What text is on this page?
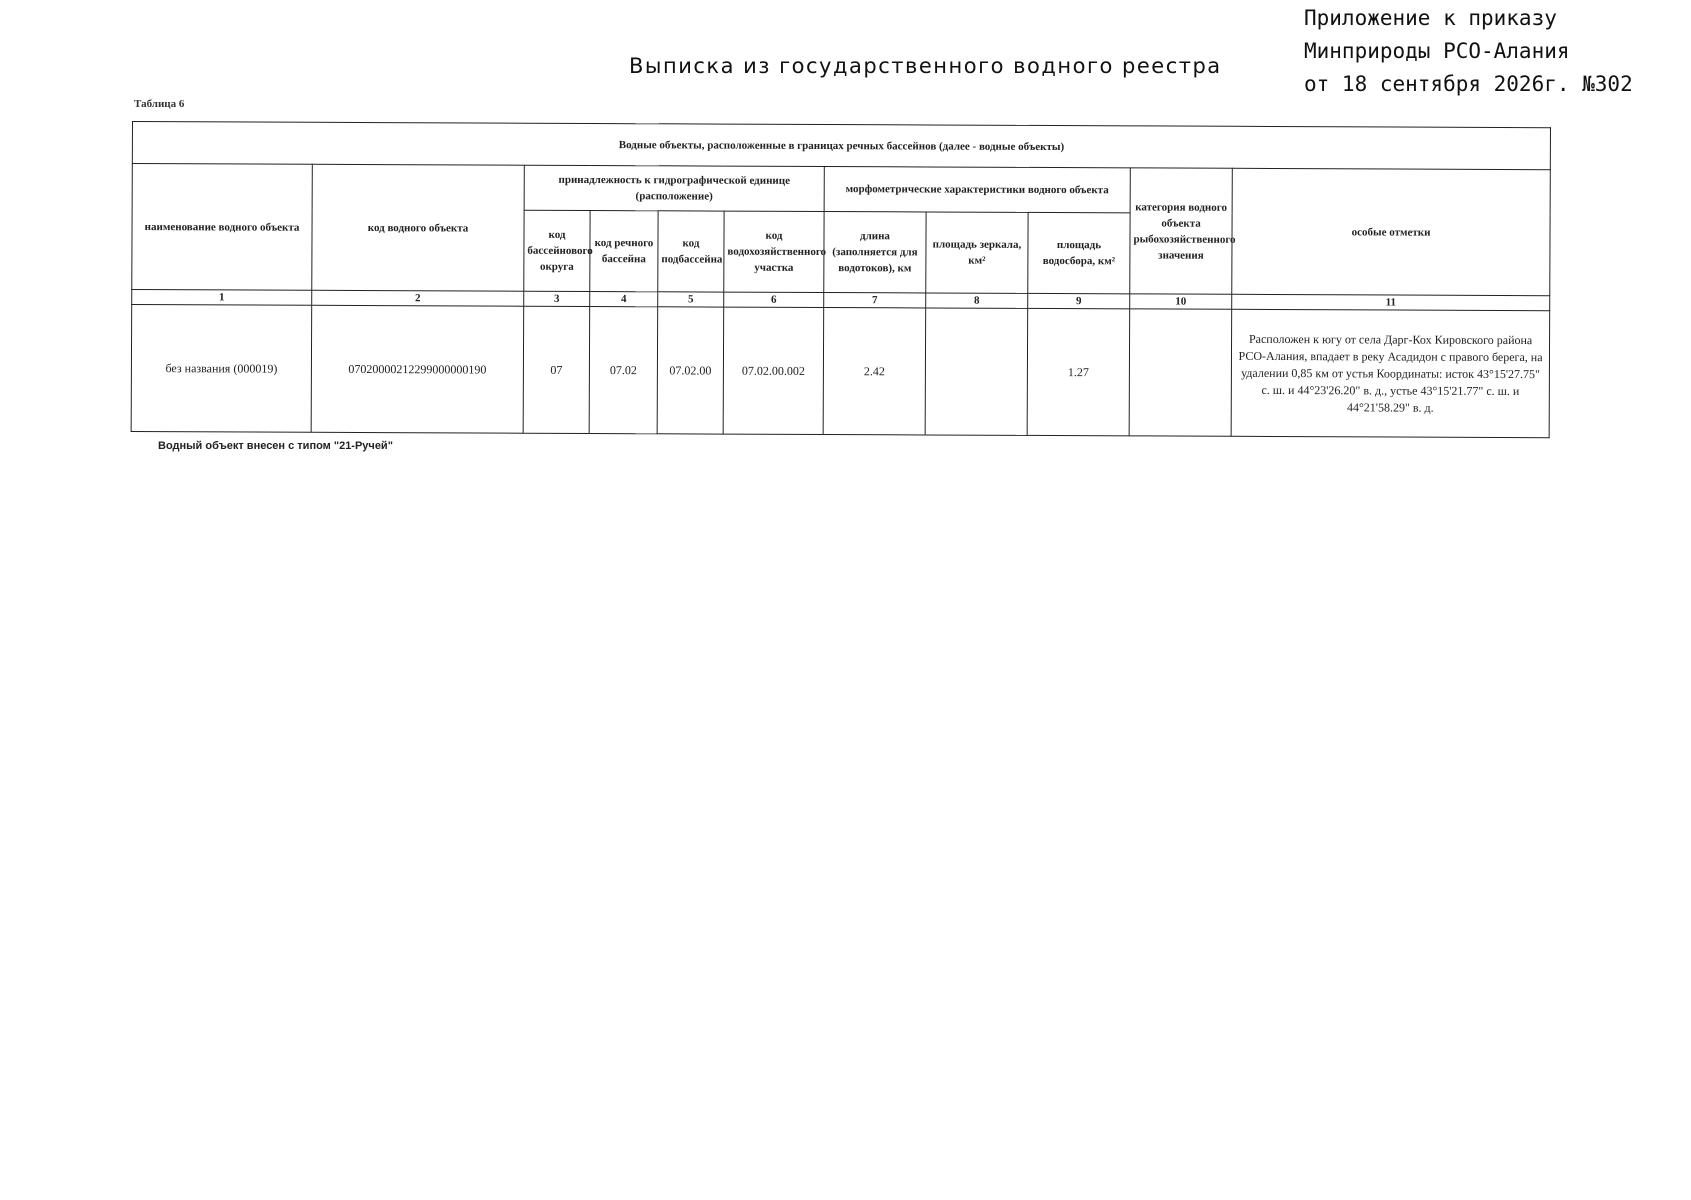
Приложение к приказу
Минприроды РСО-Алания
от 18 сентября 2026г. №302
Выписка из государственного водного реестра
Таблица 6
Водные объекты, расположенные в границах речных бассейнов (далее - водные объекты)										
наименование водного объекта	код водного объекта	принадлежность к гидрографической единице (расположение)				морфометрические характеристики водного объекта			категория водного объекта рыбохозяйственного значения	особые отметки
		код бассейнового округа	код речного бассейна	код подбассейна	код водохозяйственного участка	длина (заполняется для водотоков), км	площадь зеркала, км²	площадь водосбора, км²		
1	2	3	4	5	6	7	8	9	10	11
без названия (000019)	07020000212299000000190	07	07.02	07.02.00	07.02.00.002	2.42		1.27		Расположен к югу от села Дарг-Кох Кировского района РСО-Алания, впадает в реку Асадидон с правого берега, на удалении 0,85 км от устья Координаты: исток 43°15'27.75" с. ш. и 44°23'26.20" в. д., устье 43°15'21.77" с. ш. и 44°21'58.29" в. д.
Водный объект внесен с типом "21-Ручей"
